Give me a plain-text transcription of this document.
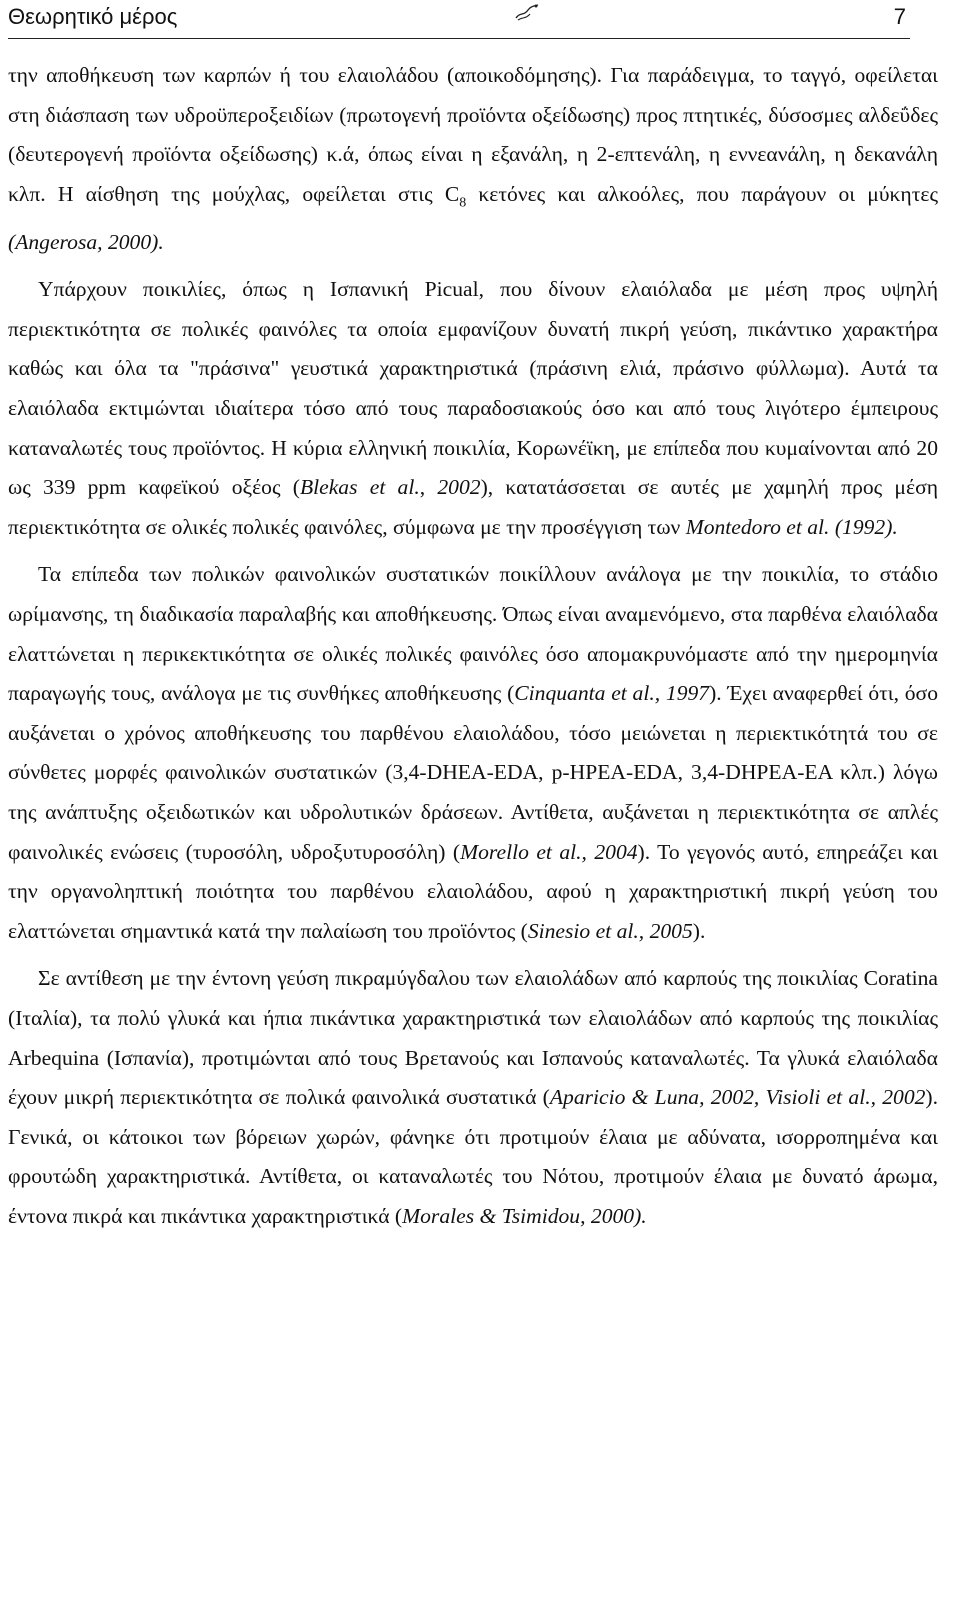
Θεωρητικό μέρος	7

την αποθήκευση των καρπών ή του ελαιολάδου (αποικοδόμησης). Για παράδειγμα, το ταγγό, οφείλεται στη διάσπαση των υδροϋπεροξειδίων (πρωτογενή προϊόντα οξείδωσης) προς πτητικές, δύσοσμες αλδεΰδες (δευτερογενή προϊόντα οξείδωσης) κ.ά, όπως είναι η εξανάλη, η 2-επτενάλη, η εννεανάλη, η δεκανάλη κλπ. Η αίσθηση της μούχλας, οφείλεται στις $C_8$ κετόνες και αλκοόλες, που παράγουν οι μύκητες (Angerosa, 2000).

Υπάρχουν ποικιλίες, όπως η Ισπανική Picual, που δίνουν ελαιόλαδα με μέση προς υψηλή περιεκτικότητα σε πολικές φαινόλες τα οποία εμφανίζουν δυνατή πικρή γεύση, πικάντικο χαρακτήρα καθώς και όλα τα "πράσινα" γευστικά χαρακτηριστικά (πράσινη ελιά, πράσινο φύλλωμα). Αυτά τα ελαιόλαδα εκτιμώνται ιδιαίτερα τόσο από τους παραδοσιακούς όσο και από τους λιγότερο έμπειρους καταναλωτές τους προϊόντος. Η κύρια ελληνική ποικιλία, Κορωνέϊκη, με επίπεδα που κυμαίνονται από 20 ως 339 ppm καφεϊκού οξέος (Blekas et al., 2002), κατατάσσεται σε αυτές με χαμηλή προς μέση περιεκτικότητα σε ολικές πολικές φαινόλες, σύμφωνα με την προσέγγιση των Montedoro et al. (1992).

Τα επίπεδα των πολικών φαινολικών συστατικών ποικίλλουν ανάλογα με την ποικιλία, το στάδιο ωρίμανσης, τη διαδικασία παραλαβής και αποθήκευσης. Όπως είναι αναμενόμενο, στα παρθένα ελαιόλαδα ελαττώνεται η περικεκτικότητα σε ολικές πολικές φαινόλες όσο απομακρυνόμαστε από την ημερομηνία παραγωγής τους, ανάλογα με τις συνθήκες αποθήκευσης (Cinquanta et al., 1997). Έχει αναφερθεί ότι, όσο αυξάνεται ο χρόνος αποθήκευσης του παρθένου ελαιολάδου, τόσο μειώνεται η περιεκτικότητά του σε σύνθετες μορφές φαινολικών συστατικών (3,4-DHEA-EDA, p-HPEA-EDA, 3,4-DHPEA-EA κλπ.) λόγω της ανάπτυξης οξειδωτικών και υδρολυτικών δράσεων. Αντίθετα, αυξάνεται η περιεκτικότητα σε απλές φαινολικές ενώσεις (τυροσόλη, υδροξυτυροσόλη) (Morello et al., 2004). Το γεγονός αυτό, επηρεάζει και την οργανοληπτική ποιότητα του παρθένου ελαιολάδου, αφού η χαρακτηριστική πικρή γεύση του ελαττώνεται σημαντικά κατά την παλαίωση του προϊόντος (Sinesio et al., 2005).

Σε αντίθεση με την έντονη γεύση πικραμύγδαλου των ελαιολάδων από καρπούς της ποικιλίας Coratina (Ιταλία), τα πολύ γλυκά και ήπια πικάντικα χαρακτηριστικά των ελαιολάδων από καρπούς της ποικιλίας Arbequina (Ισπανία), προτιμώνται από τους Βρετανούς και Ισπανούς καταναλωτές. Τα γλυκά ελαιόλαδα έχουν μικρή περιεκτικότητα σε πολικά φαινολικά συστατικά (Aparicio & Luna, 2002, Visioli et al., 2002). Γενικά, οι κάτοικοι των βόρειων χωρών, φάνηκε ότι προτιμούν έλαια με αδύνατα, ισορροπημένα και φρουτώδη χαρακτηριστικά. Αντίθετα, οι καταναλωτές του Νότου, προτιμούν έλαια με δυνατό άρωμα, έντονα πικρά και πικάντικα χαρακτηριστικά (Morales & Tsimidou, 2000).
